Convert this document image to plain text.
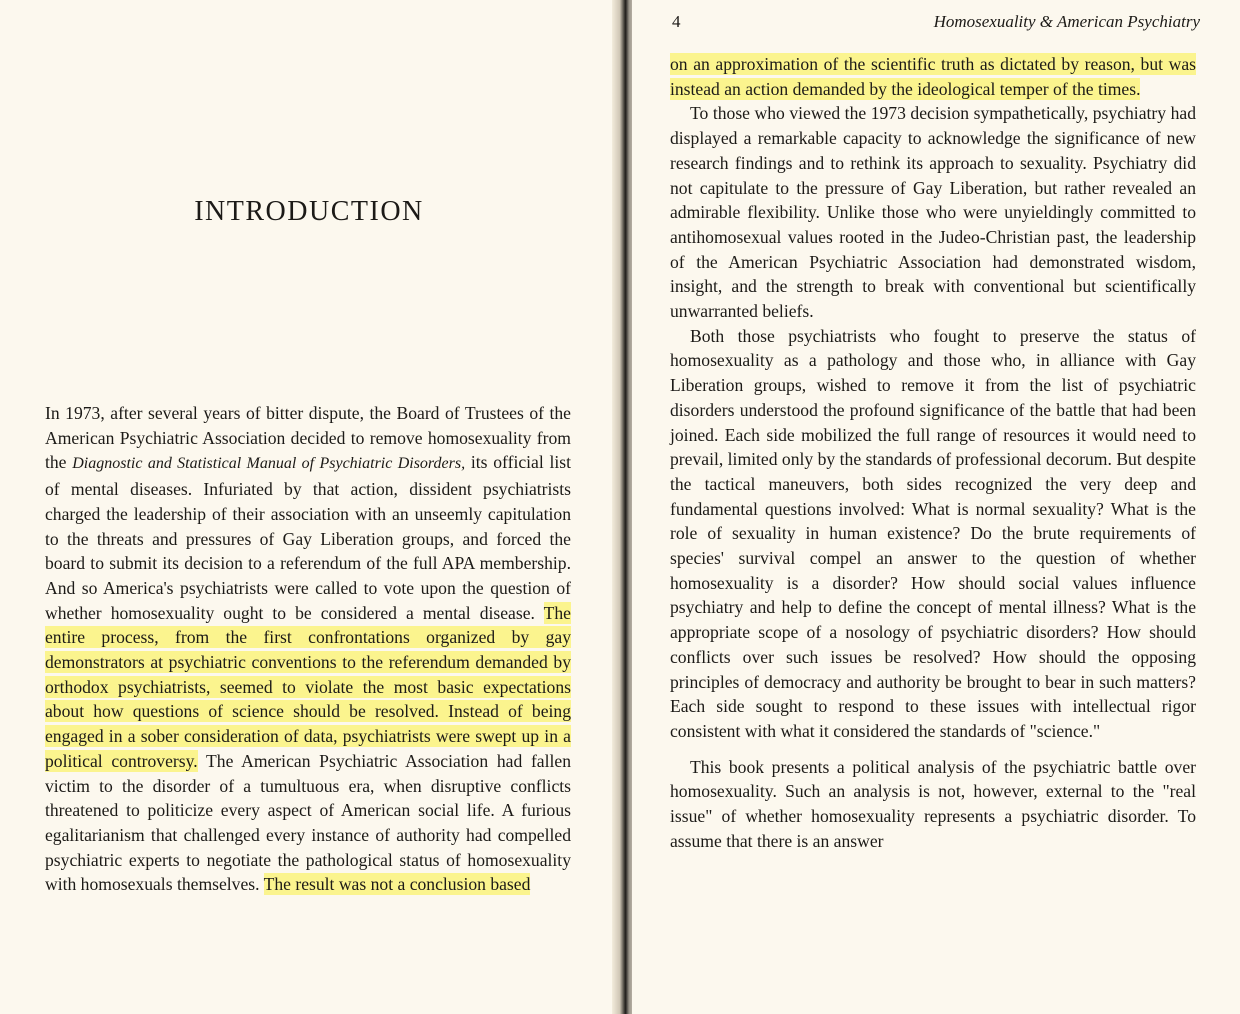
INTRODUCTION

In 1973, after several years of bitter dispute, the Board of Trustees of the American Psychiatric Association decided to remove homosexuality from the Diagnostic and Statistical Manual of Psychiatric Disorders, its official list of mental diseases. Infuriated by that action, dissident psychiatrists charged the leadership of their association with an unseemly capitulation to the threats and pressures of Gay Liberation groups, and forced the board to submit its decision to a referendum of the full APA membership. And so America's psychiatrists were called to vote upon the question of whether homosexuality ought to be considered a mental disease. The entire process, from the first confrontations organized by gay demonstrators at psychiatric conventions to the referendum demanded by orthodox psychiatrists, seemed to violate the most basic expectations about how questions of science should be resolved. Instead of being engaged in a sober consideration of data, psychiatrists were swept up in a political controversy. The American Psychiatric Association had fallen victim to the disorder of a tumultuous era, when disruptive conflicts threatened to politicize every aspect of American social life. A furious egalitarianism that challenged every instance of authority had compelled psychiatric experts to negotiate the pathological status of homosexuality with homosexuals themselves. The result was not a conclusion based

4	Homosexuality & American Psychiatry

on an approximation of the scientific truth as dictated by reason, but was instead an action demanded by the ideological temper of the times.

To those who viewed the 1973 decision sympathetically, psychiatry had displayed a remarkable capacity to acknowledge the significance of new research findings and to rethink its approach to sexuality. Psychiatry did not capitulate to the pressure of Gay Liberation, but rather revealed an admirable flexibility. Unlike those who were unyieldingly committed to antihomosexual values rooted in the Judeo-Christian past, the leadership of the American Psychiatric Association had demonstrated wisdom, insight, and the strength to break with conventional but scientifically unwarranted beliefs.

Both those psychiatrists who fought to preserve the status of homosexuality as a pathology and those who, in alliance with Gay Liberation groups, wished to remove it from the list of psychiatric disorders understood the profound significance of the battle that had been joined. Each side mobilized the full range of resources it would need to prevail, limited only by the standards of professional decorum. But despite the tactical maneuvers, both sides recognized the very deep and fundamental questions involved: What is normal sexuality? What is the role of sexuality in human existence? Do the brute requirements of species' survival compel an answer to the question of whether homosexuality is a disorder? How should social values influence psychiatry and help to define the concept of mental illness? What is the appropriate scope of a nosology of psychiatric disorders? How should conflicts over such issues be resolved? How should the opposing principles of democracy and authority be brought to bear in such matters? Each side sought to respond to these issues with intellectual rigor consistent with what it considered the standards of "science."

This book presents a political analysis of the psychiatric battle over homosexuality. Such an analysis is not, however, external to the "real issue" of whether homosexuality represents a psychiatric disorder. To assume that there is an answer
